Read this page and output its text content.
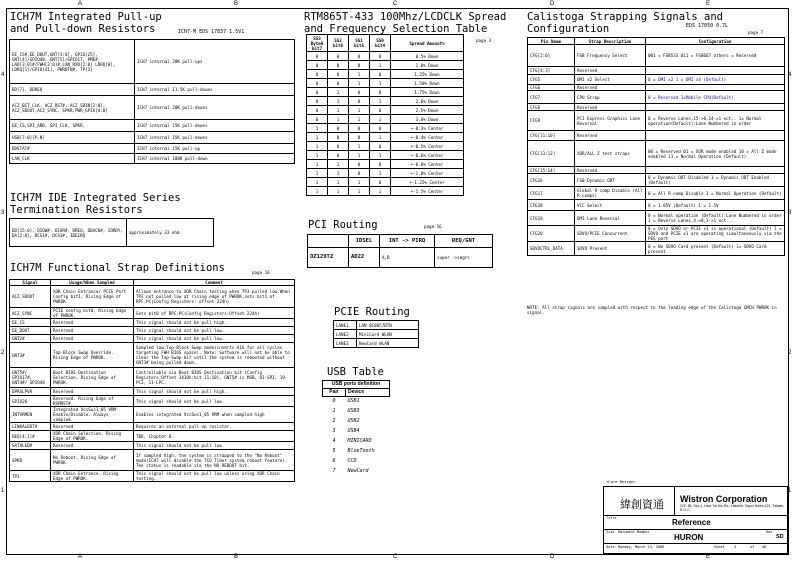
A	B	C	D	E
A	B	C	D	E
4
3
2
1
4
3
2
1
ICH7M Integrated Pull-up
and Pull-down Resistors	ICH7-M EDS 17837 1.5V1
EE_CS#,EE_DOUT,GNT[3:0], GPIO[25], GNT[4]/GPIO48, GNT[5]/GPIO17, PME#, LAD[3:0]#/FWH[3:0]#,LAN_RXD[2:0] LDRQ[0], LDRQ[1]/GPIO[41], PWRBTN#, TP[3]	ICH7 internal 20K pull-ups
DD[7], DDREQ	ICH7 internal 11.5K pull-downs
ACZ_BIT_CLK, ACZ_RST#, ACZ_SDIN[2:0], ACZ_SDOUT,ACZ_SYNC, SPKR,PWR_GPIO[4:0]	ICH7 internal 20K pull-downs
EE_CS,SPI_ARB, SPI_CLK, SPKR,	ICH7 internal 15K pull-downs
USB[7:0][P,N]	ICH7 internal 15K pull-downs
DDSTAT#	ICH7 internal 15K pull-up
LAN_CLK	ICH7 internal 100K pull-down
ICH7M IDE Integrated Series
Termination Resistors
DD[15:0], DIOW#, DIOR#, DREQ, DDACK#, IORDY, DA[2:0], DCS1#, DCS3#, IDEIRQ	approximately 33 ohm
ICH7M Functional Strap Definitions	page 16
Signal	Usage/When Sampled	Comment
ACZ_SDOUT	XOR Chain Entrance/ PCIE Port Config bit1, Rising Edge of PWROK.	Allows entrance to XOR Chain testing when TP3 pulled low.When TP3 not pulled low at rising edge of PWROK,sets bit1 of RPC.PC(Config Registers: offset 224h)
ACZ_SYNC	PCIE config bit0, Rising Edge of PWROK.	Sets bit0 of RPC.PC(Config Registers:Offset 224h)
EE_CS	Reserved	This signal should not be pull high.
EE_DOUT	Reserved	This signal should not be pull low.
GNT2#	Reserved	This signal should not be pull low.
GNT3#	Top-Block Swap Override. Rising Edge of PWROK.	Sampled low:Top-Block Swap mode(inverts A16 for all cycles targeting FWH BIOS space). Note: Software will not be able to clear the Top-Swap bit until the system is rebooted without GNT3# being pulled down.
GNT5#/ GPIO17#, GNT4#/ GPIO48	Boot BIOS Destination Selection. Rising Edge of PWROK.	Controllable via Boot BIOS Destination bit (Config Registers:Offset 3410h:bit 11:10). GNT5# is MSB, 01-SPI, 10-PCI, 11-LPC.
DPRSLPVR	Reserved	This signal should not be pull high.
GPIO26	Reserved. Rising Edge of RSMRST#.	This signal should not be pull low.
INTVRMEN	Integrated VccSus1_05 VRM Enable/Disable. Always sampled.	Enables integrated VccSus1_05 VRM when sampled high
LINKALERT#	Reserved	Requires an external pull-up resistor.
REQ[4:1]#	XOR Chain Selection. Rising Edge of PWROK.	TBD, Chapter 8.
SATALED#	Reserved	This signal should not be pull low.
SPKR	No Reboot. Rising Edge of PWROK.	If sampled high, the system is strapped to the "No Reboot" mode(ICH7 will disable the TCO Timer system reboot feature). The status is readable via the NO REBOOT bit.
TP3	XOR Chain Entrance. Rising Edge of PWROK.	This signal should not be pull low unless using XOR Chain testing.
RTM865T-433 100Mhz/LCDCLK Spread
and Frequency Selection Table
page 3
SS3 Byte0 bit7	SS2 bit6	SS1 bit5	SS0 bit4	Spread Amount%
0	0	0	0	0.5% Down
0	0	0	1	1.0% Down
0	0	1	0	1.25% Down
0	0	1	1	1.50% Down
0	1	0	0	1.75% Down
0	1	0	1	2.0% Down
0	1	1	0	2.5% Down
0	1	1	1	3.0% Down
1	0	0	0	+-0.3% Center
1	0	0	1	+-0.4% Center
1	0	1	0	+-0.5% Center
1	0	1	1	+-0.6% Center
1	1	0	0	+-0.8% Center
1	1	0	1	+-1.0% Center
1	1	1	0	+-1.25% Center
1	1	1	1	+-1.5% Center
PCI Routing	page 16
	IDSEL	INT -> PIRQ	REQ/GNT
OZ129TZ	AD22	A,B	super ->smgrs
PCIE Routing
LANE1	LAN 8C8057BTN
LANE2	MiniCard WLAN
LANE3	NewCard WLAN
USB Table
USB ports definition	
Pair	Device
0	USB1
1	USB3
2	USB2
3	USB4
4	MINICARD
5	BlueTooth
6	CCD
7	NewCard
Calistoga Strapping Signals and
Configuration	EDS 17050 0.7L
page 7
Pin Name	Strap Description	Configuration
CFG[2:0]	FSB Frequency Select	001 = FSB533 011 = FSB667 others = Reserved
CFG[4:3]	Reserved	
CFG5	DMI x2 Select	0 = DMI x2 1 = DMI x4 (Default)
CFG6	Reserved	
CFG7	CPU Strap	0 = Reserved 1=Mobile CPU(Default)
CFG8	Reserved	
CFG9	PCI Express Graphics Lane Reversal	0 = Reverse Lanes,15->0,14->1 ect.. 1= Normal operation(Default):Lane Numbered in order
CFG[11:10]	Reserved	
CFG[13:12]	XOR/ALL Z test straps	00 = Reserved 01 = XOR mode enabled 10 = All Z mode enabled 11 = Normal Operation (Default)
CFG[15:14]	Reserved	
CFG16	FSB Dynamic ODT	0 = Dynamic ODT Disabled 1 = Dynamic ODT Enabled (Default)
CFG17	Global R-comp Disable (All R-comps)	0 = All R-comp Disable 1 = Normal Operation (Default)
CFG18	VCC Select	0 = 1.05V (Default) 1 = 1.5V
CFG19	DMI Lane Reversal	0 = Normal operation (Default):Lane Numbered in order 1 = Reverse Lanes,4->0,3->1 ect...
CFG20	SDVO/PCIE Concurrent	0 = Only SDVO or PCIE x1 is operational (Default) 1 = SDVO and PCIE x1 are operating simultaneously via the PEG port
SDVOCTRL_DATA	SDVO Present	0 = No SDVO Card present (Default) 1= SDVO Card present
NOTE: All strap signals are sampled with respect to the leading edge of the Calistoga GMCH PWROK in signal.
緯創資通 Wistron Corporation
21F, 88, Sec.1, Hsin Tai Wu Rd., Hsichih, Taipei Hsien 221, Taiwan, R.O.C.
Title	Reference
Size Document Number
HURON
Rev
SD
Date: Monday, March 13, 2006	Sheet	3	of 46
<Core Design>
